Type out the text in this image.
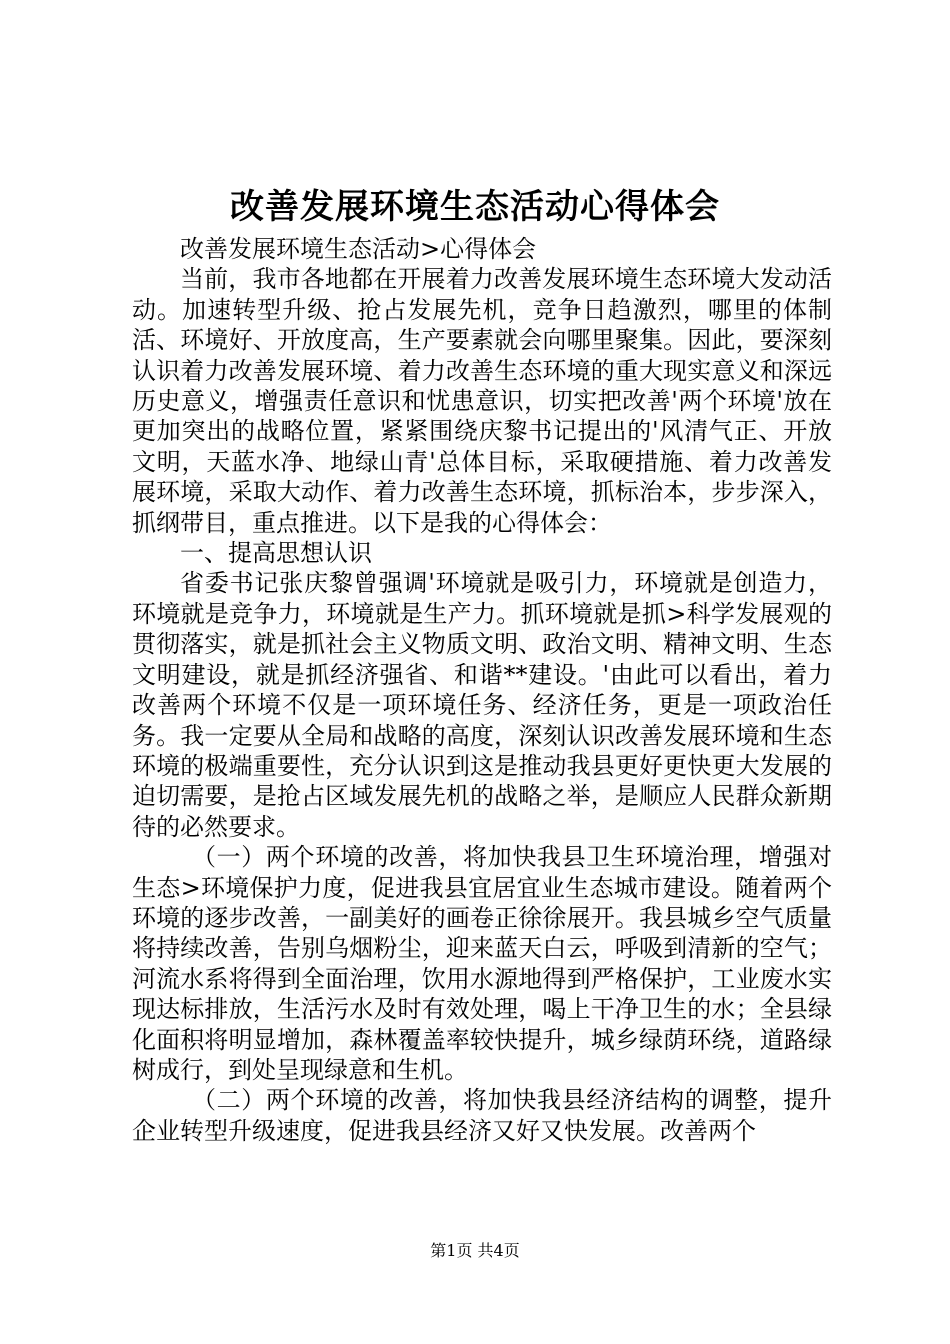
改善发展环境生态活动心得体会

改善发展环境生态活动>心得体会

当前，我市各地都在开展着力改善发展环境生态环境大发动活动。加速转型升级、抢占发展先机，竞争日趋激烈，哪里的体制活、环境好、开放度高，生产要素就会向哪里聚集。因此，要深刻认识着力改善发展环境、着力改善生态环境的重大现实意义和深远历史意义，增强责任意识和忧患意识，切实把改善'两个环境'放在更加突出的战略位置，紧紧围绕庆黎书记提出的'风清气正、开放文明，天蓝水净、地绿山青'总体目标，采取硬措施、着力改善发展环境，采取大动作、着力改善生态环境，抓标治本，步步深入，抓纲带目，重点推进。以下是我的心得体会：

一、提高思想认识

省委书记张庆黎曾强调'环境就是吸引力，环境就是创造力，环境就是竞争力，环境就是生产力。抓环境就是抓>科学发展观的贯彻落实，就是抓社会主义物质文明、政治文明、精神文明、生态文明建设，就是抓经济强省、和谐**建设。'由此可以看出，着力改善两个环境不仅是一项环境任务、经济任务，更是一项政治任务。我一定要从全局和战略的高度，深刻认识改善发展环境和生态环境的极端重要性，充分认识到这是推动我县更好更快更大发展的迫切需要，是抢占区域发展先机的战略之举，是顺应人民群众新期待的必然要求。

（一）两个环境的改善，将加快我县卫生环境治理，增强对生态>环境保护力度，促进我县宜居宜业生态城市建设。随着两个环境的逐步改善，一副美好的画卷正徐徐展开。我县城乡空气质量将持续改善，告别乌烟粉尘，迎来蓝天白云，呼吸到清新的空气；河流水系将得到全面治理，饮用水源地得到严格保护，工业废水实现达标排放，生活污水及时有效处理，喝上干净卫生的水；全县绿化面积将明显增加，森林覆盖率较快提升，城乡绿荫环绕，道路绿树成行，到处呈现绿意和生机。

（二）两个环境的改善，将加快我县经济结构的调整，提升企业转型升级速度，促进我县经济又好又快发展。改善两个

第1页 共4页
